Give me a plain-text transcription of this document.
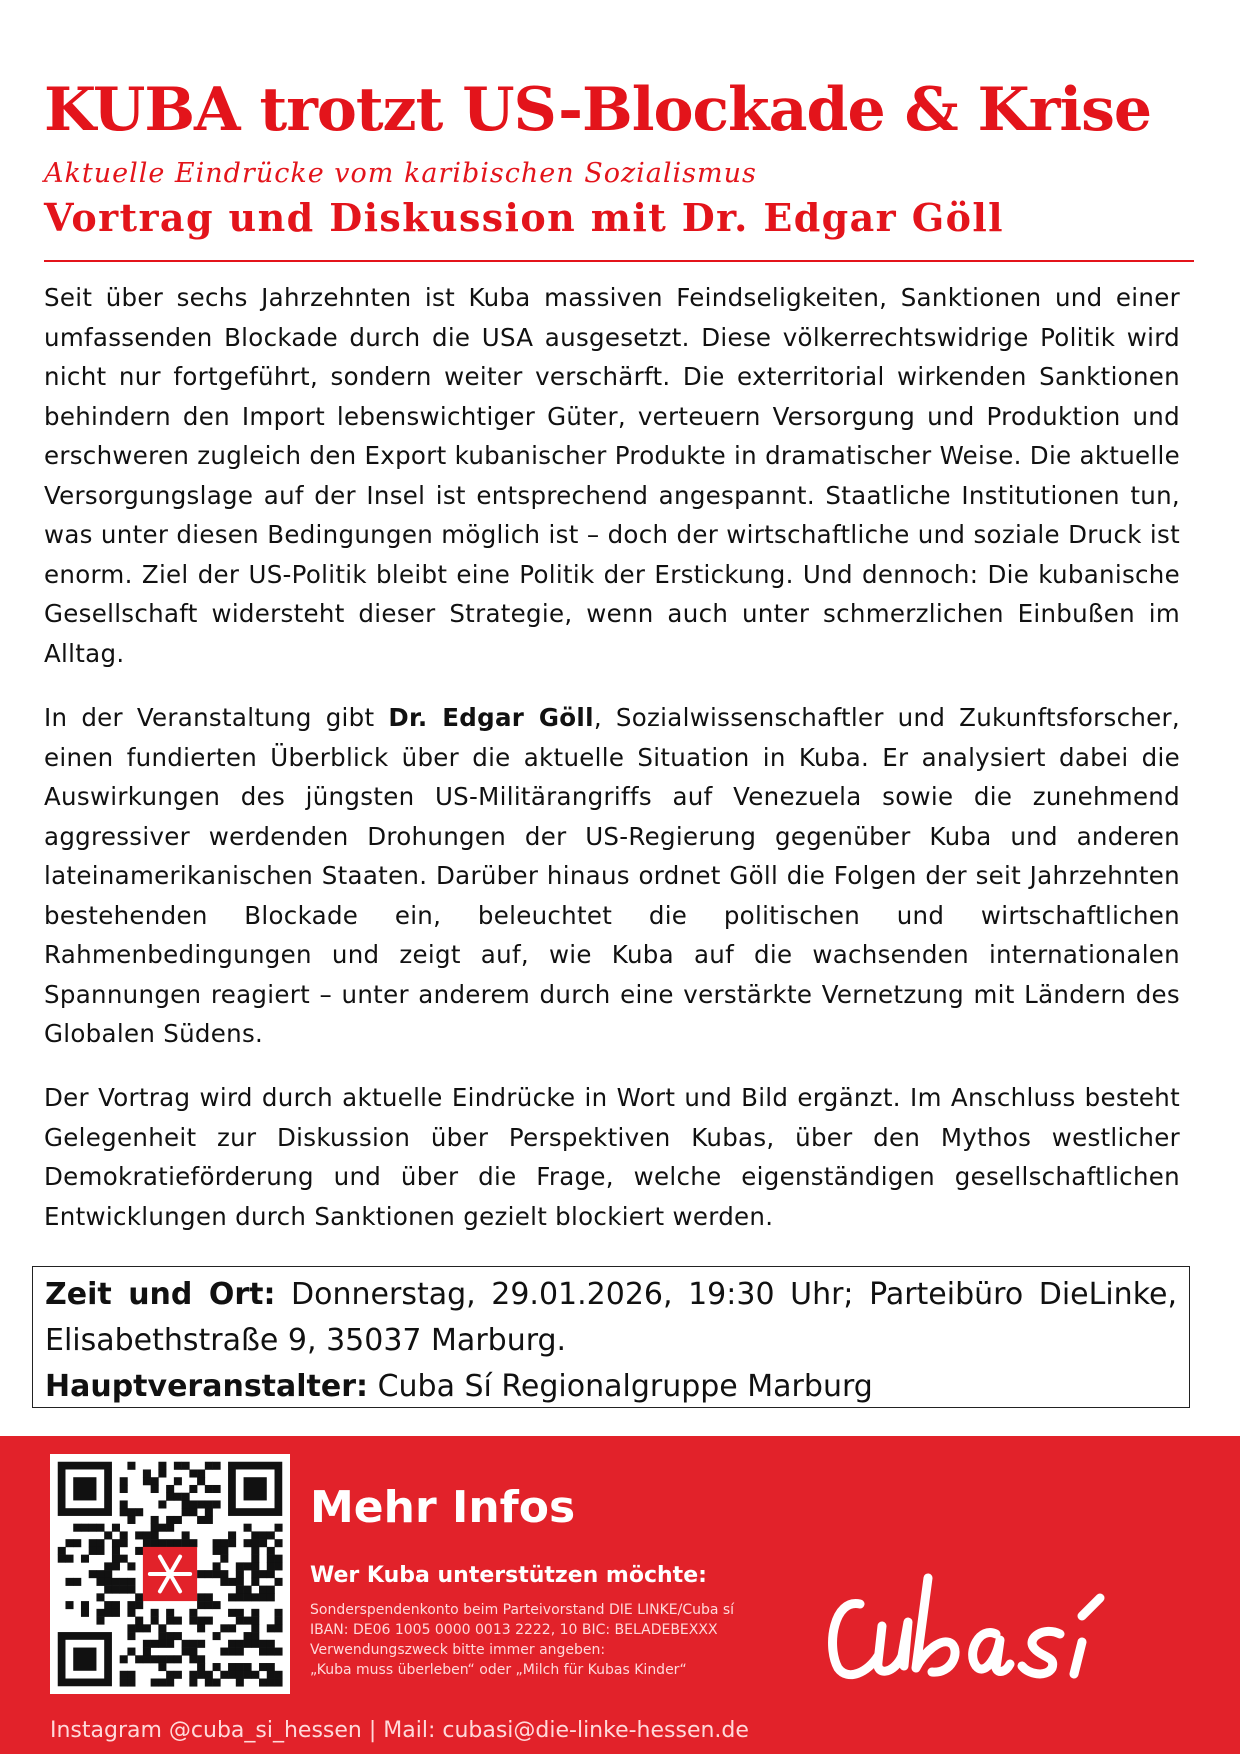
KUBA trotzt US-Blockade & Krise
Aktuelle Eindrücke vom karibischen Sozialismus
Vortrag und Diskussion mit Dr. Edgar Göll

Seit über sechs Jahrzehnten ist Kuba massiven Feindseligkeiten, Sanktionen und einer umfassenden Blockade durch die USA ausgesetzt. Diese völkerrechtswidrige Politik wird nicht nur fortgeführt, sondern weiter verschärft. Die exterritorial wirkenden Sanktionen behindern den Import lebenswichtiger Güter, verteuern Versorgung und Produktion und erschweren zugleich den Export kubanischer Produkte in dramatischer Weise. Die aktuelle Versorgungslage auf der Insel ist entsprechend angespannt. Staatliche Institutionen tun, was unter diesen Bedingungen möglich ist – doch der wirtschaftliche und soziale Druck ist enorm. Ziel der US-Politik bleibt eine Politik der Erstickung. Und dennoch: Die kubanische Gesellschaft widersteht dieser Strategie, wenn auch unter schmerzlichen Einbußen im Alltag.

In der Veranstaltung gibt Dr. Edgar Göll, Sozialwissenschaftler und Zukunftsforscher, einen fundierten Überblick über die aktuelle Situation in Kuba. Er analysiert dabei die Auswirkungen des jüngsten US-Militärangriffs auf Venezuela sowie die zunehmend aggressiver werdenden Drohungen der US-Regierung gegenüber Kuba und anderen lateinamerikanischen Staaten. Darüber hinaus ordnet Göll die Folgen der seit Jahrzehnten bestehenden Blockade ein, beleuchtet die politischen und wirtschaftlichen Rahmenbedingungen und zeigt auf, wie Kuba auf die wachsenden internationalen Spannungen reagiert – unter anderem durch eine verstärkte Vernetzung mit Ländern des Globalen Südens.

Der Vortrag wird durch aktuelle Eindrücke in Wort und Bild ergänzt. Im Anschluss besteht Gelegenheit zur Diskussion über Perspektiven Kubas, über den Mythos westlicher Demokratieförderung und über die Frage, welche eigenständigen gesellschaftlichen Entwicklungen durch Sanktionen gezielt blockiert werden.

Zeit und Ort: Donnerstag, 29.01.2026, 19:30 Uhr; Parteibüro DieLinke,
Elisabethstraße 9, 35037 Marburg.
Hauptveranstalter: Cuba Sí Regionalgruppe Marburg
Mehr Infos
Wer Kuba unterstützen möchte:
Sonderspendenkonto beim Parteivorstand DIE LINKE/Cuba sí
IBAN: DE06 1005 0000 0013 2222, 10 BIC: BELADEBEXXX
Verwendungszweck bitte immer angeben:
„Kuba muss überleben“ oder „Milch für Kubas Kinder“
Instagram @cuba_si_hessen | Mail: cubasi@die-linke-hessen.de
